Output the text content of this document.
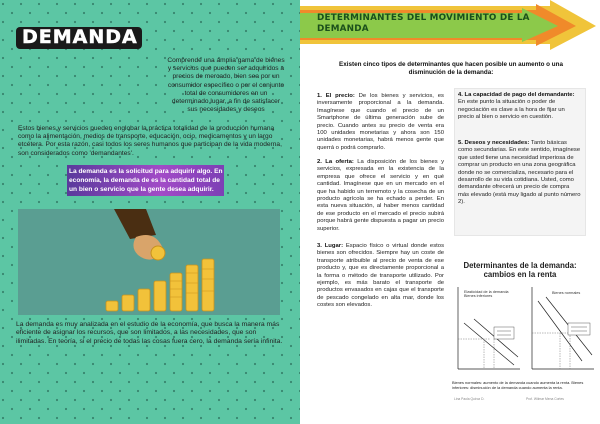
DEMANDA
Comprende una amplia gama de bienes y servicios que pueden ser adquiridos a precios de mercado, bien sea por un consumidor específico o por el conjunto total de consumidores en un determinado lugar, a fin de satisfacer sus necesidades y deseos
Estos bienes y servicios pueden englobar la práctica totalidad de la producción humana como la alimentación, medios de transporte, educación, ocio, medicamentos y un largo etcétera. Por esta razón, casi todos los seres humanos que participan de la vida moderna, son considerados como 'demandantes'.
La demanda es la solicitud para adquirir algo. En economía, la demanda de es la cantidad total de un bien o servicio que la gente desea adquirir.
La demanda es muy analizada en el estudio de la economía, que busca la manera más eficiente de asignar los recursos, que son limitados, a las necesidades, que son ilimitadas. En teoría, si el precio de todas las cosas fuera cero, la demanda sería infinita.
DETERMINANTES DEL MOVIMIENTO DE LA DEMANDA
Existen cinco tipos de determinantes que hacen posible un aumento o una disminución de la demanda:
1. El precio: De los bienes y servicios, es inversamente proporcional a la demanda. Imagínese que cuando el precio de un Smartphone de última generación sube de precio. Cuando antes su precio de venta era 100 unidades monetarias y ahora son 150 unidades monetarias, habrá menos gente que querrá o podrá comprarlo.
2. La oferta: La disposición de los bienes y servicios, expresada en la existencia de la empresa que ofrece el servicio y en qué cantidad. Imagínese que en un mercado en el que ha habido un terremoto y la cosecha de un producto agrícola se ha echado a perder. En esta nueva situación, al haber menos cantidad de ese producto en el mercado el precio subirá porque habrá gente dispuesta a pagar un precio superior.
3. Lugar: Espacio físico o virtual donde estos bienes son ofrecidos. Siempre hay un coste de transporte atribuible al precio de venta de ese producto y, que es directamente proporcional a la forma o método de transporte utilizado. Por ejemplo, es más barato el transporte de productos envasados en cajas que el transporte de pescado congelado en alta mar, donde los costes son elevados.
4. La capacidad de pago del demandante: En este punto la situación o poder de negociación es clave a la hora de fijar un precio al bien o servicio en cuestión.
5. Deseos y necesidades: Tanto básicas como secundarias. En este sentido, imagínese que usted tiene una necesidad imperiosa de comprar un producto en una zona geográfica donde no se comercializa, necesario para el desarrollo de su vida cotidiana. Usted, como demandante ofrecerá un precio de compra más elevado (está muy ligado al punto número 2).
Determinantes de la demanda: cambios en la renta
Elasticidad de la demanda Bienes inferiores
Bienes normales
Bienes normales: aumento de la demanda cuando aumenta la renta. Bienes inferiores: disminución de la demanda cuando aumenta la renta.
Lina Paola Quiroz D.	Prof. Wilmar Mena Cortes
